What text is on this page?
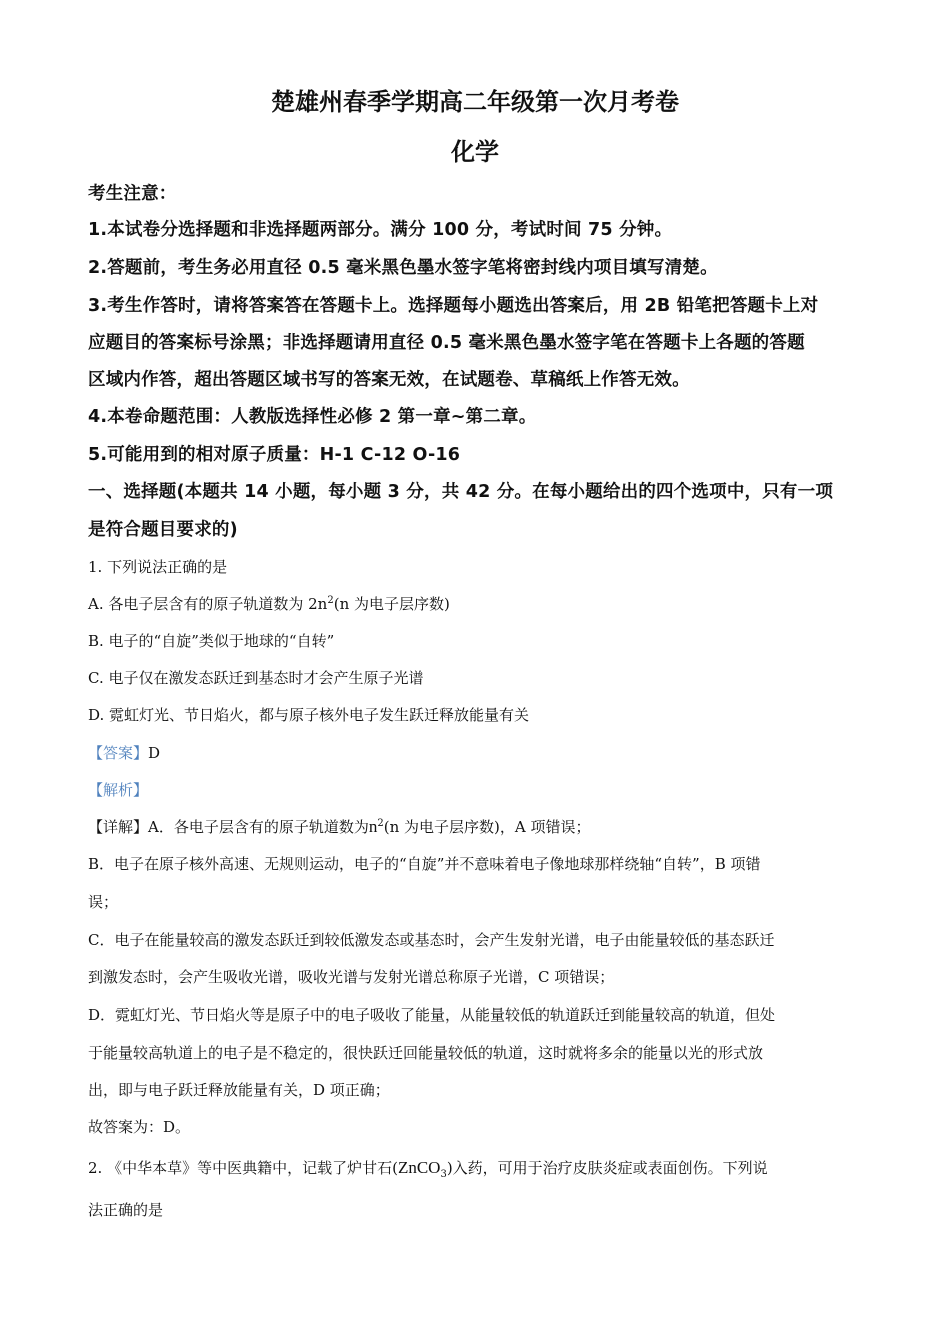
楚雄州春季学期高二年级第一次月考卷
化学
考生注意：
1.本试卷分选择题和非选择题两部分。满分 100 分，考试时间 75 分钟。
2.答题前，考生务必用直径 0.5 毫米黑色墨水签字笔将密封线内项目填写清楚。
3.考生作答时，请将答案答在答题卡上。选择题每小题选出答案后，用 2B 铅笔把答题卡上对
应题目的答案标号涂黑；非选择题请用直径 0.5 毫米黑色墨水签字笔在答题卡上各题的答题
区域内作答，超出答题区域书写的答案无效，在试题卷、草稿纸上作答无效。
4.本卷命题范围：人教版选择性必修 2 第一章~第二章。
5.可能用到的相对原子质量：H-1 C-12 O-16
一、选择题(本题共 14 小题，每小题 3 分，共 42 分。在每小题给出的四个选项中，只有一项
是符合题目要求的)
1. 下列说法正确的是
A. 各电子层含有的原子轨道数为 $2n^2(n$ 为电子层序数)
B. 电子的“自旋”类似于地球的“自转”
C. 电子仅在激发态跃迁到基态时才会产生原子光谱
D. 霓虹灯光、节日焰火，都与原子核外电子发生跃迁释放能量有关
【答案】D
【解析】
【详解】A．各电子层含有的原子轨道数为$n^2(n$ 为电子层序数)，A 项错误；
B．电子在原子核外高速、无规则运动，电子的“自旋”并不意味着电子像地球那样绕轴“自转”，B 项错
误；
C．电子在能量较高的激发态跃迁到较低激发态或基态时，会产生发射光谱，电子由能量较低的基态跃迁
到激发态时，会产生吸收光谱，吸收光谱与发射光谱总称原子光谱，C 项错误；
D．霓虹灯光、节日焰火等是原子中的电子吸收了能量，从能量较低的轨道跃迁到能量较高的轨道，但处
于能量较高轨道上的电子是不稳定的，很快跃迁回能量较低的轨道，这时就将多余的能量以光的形式放
出，即与电子跃迁释放能量有关，D 项正确；
故答案为：D。
2. 《中华本草》等中医典籍中，记载了炉甘石(ZnCO$_3$)入药，可用于治疗皮肤炎症或表面创伤。下列说
法正确的是
